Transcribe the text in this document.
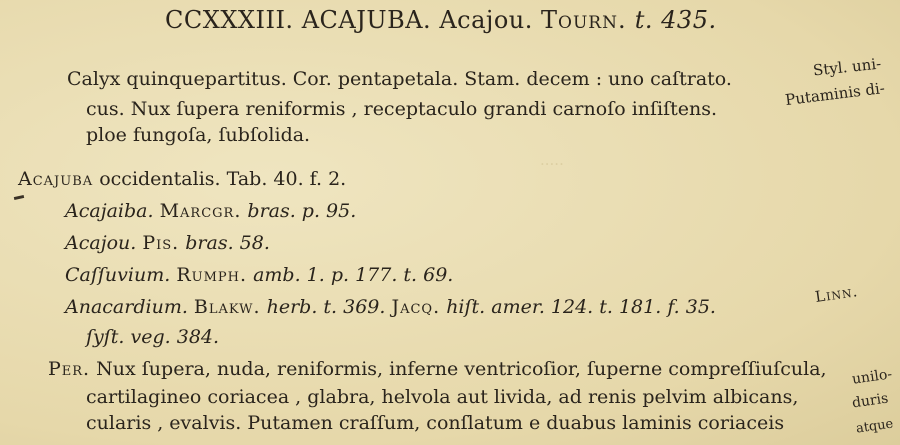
·····
CCXXXIII. ACAJUBA. Acajou. Tourn. t. 435.
Calyx quinquepartitus. Cor. pentapetala. Stam. decem : uno caſtrato.	Styl. uni-
cus. Nux ſupera reniformis , receptaculo grandi carnoſo inſiſtens.	Putaminis di-
ploe fungoſa, ſubſolida.
Acajuba occidentalis. Tab. 40. f. 2.
Acajaiba. Marcgr. bras. p. 95.
Acajou. Pis. bras. 58.
Caſſuvium. Rumph. amb. 1. p. 177. t. 69.
Anacardium. Blakw. herb. t. 369. Jacq. hiſt. amer. 124. t. 181. f. 35.
Linn.
ſyſt. veg. 384.
Per. Nux ſupera, nuda, reniformis, inferne ventricoſior, ſuperne compreſſiuſcula,
cartilagineo coriacea , glabra, helvola aut livida, ad renis pelvim albicans,
unilo-
cularis , evalvis. Putamen craſſum, conſlatum e duabus laminis coriaceis
duris
atque
